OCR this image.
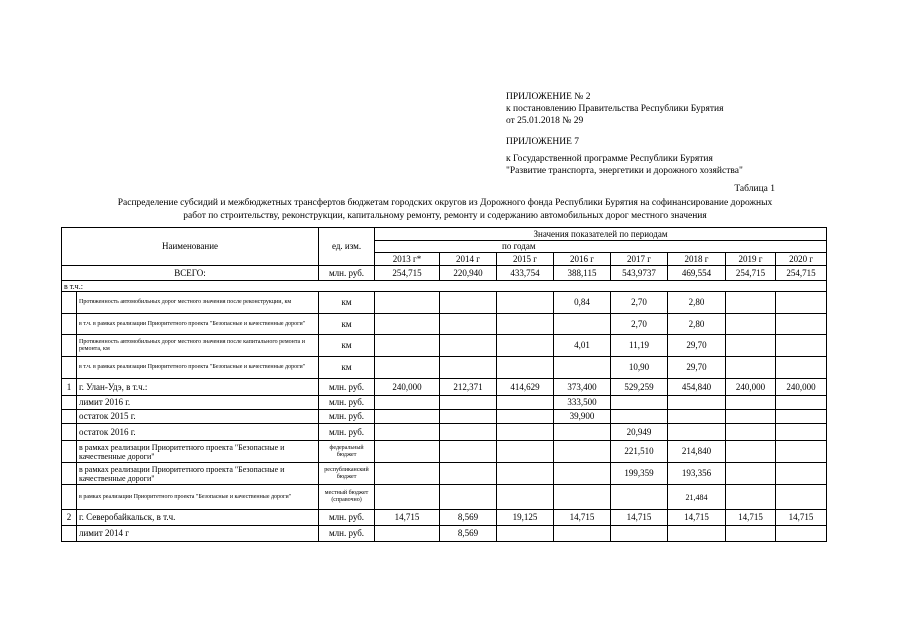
ПРИЛОЖЕНИЕ № 2
к постановлению Правительства Республики Бурятия
от 25.01.2018 № 29
ПРИЛОЖЕНИЕ 7
к Государственной программе Республики Бурятия
"Развитие транспорта, энергетики и дорожного хозяйства"
Таблица 1
Распределение субсидий и межбюджетных трансфертов бюджетам городских округов из Дорожного фонда Республики Бурятия на софинансирование дорожных
работ по строительству, реконструкции, капитальному ремонту, ремонту и содержанию автомобильных дорог местного значения
Наименование		ед. изм.	Значения показателей по периодам							
			по годам							
			2013 г*	2014 г	2015 г	2016 г	2017 г	2018 г	2019 г	2020 г
ВСЕГО:		млн. руб.	254,715	220,940	433,754	388,115	543,9737	469,554	254,715	254,715
в т.ч.:										
	Протяженность автомобильных дорог местного значения после реконструкции, км	км				0,84	2,70	2,80		
	в т.ч. в рамках реализации Приоритетного проекта "Безопасные и качественные дороги"	км					2,70	2,80		
	Протяженность автомобильных дорог местного значения после капитального ремонта и ремонта, км	км				4,01	11,19	29,70		
	в т.ч. в рамках реализации Приоритетного проекта "Безопасные и качественные дороги"	км					10,90	29,70		
1	г. Улан-Удэ, в т.ч.:	млн. руб.	240,000	212,371	414,629	373,400	529,259	454,840	240,000	240,000
	лимит 2016 г.	млн. руб.				333,500				
	остаток 2015 г.	млн. руб.				39,900				
	остаток 2016 г.	млн. руб.					20,949			
	в рамках реализации Приоритетного проекта "Безопасные и качественные дороги"	федеральный бюджет					221,510	214,840		
	в рамках реализации Приоритетного проекта "Безопасные и качественные дороги"	республиканский бюджет					199,359	193,356		
	в рамках реализации Приоритетного проекта "Безопасные и качественные дороги"	местный бюджет (справочно)						21,484		
2	г. Северобайкальск, в т.ч.	млн. руб.	14,715	8,569	19,125	14,715	14,715	14,715	14,715	14,715
	лимит 2014 г	млн. руб.		8,569						
